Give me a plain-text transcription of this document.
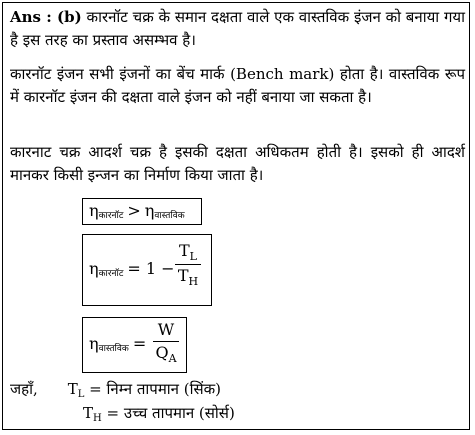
Ans : (b) कारनॉट चक्र के समान दक्षता वाले एक वास्तविक इंजन को बनाया गया है इस तरह का प्रस्ताव असम्भव है।
कारनॉट इंजन सभी इंजनों का बेंच मार्क (Bench mark) होता है। वास्तविक रूप में कारनॉट इंजन की दक्षता वाले इंजन को नहीं बनाया जा सकता है।
कारनाट चक्र आदर्श चक्र है इसकी दक्षता अधिकतम होती है। इसको ही आदर्श मानकर किसी इन्जन का निर्माण किया जाता है।
ηकारनॉट > ηवास्तविक
ηकारनॉट = 1 −
$T_L$
$T_H$
ηवास्तविक =
W
$Q_A$
जहाँ, $T_L$ = निम्न तापमान (सिंक)
$T_H$ = उच्च तापमान (सोर्स)
